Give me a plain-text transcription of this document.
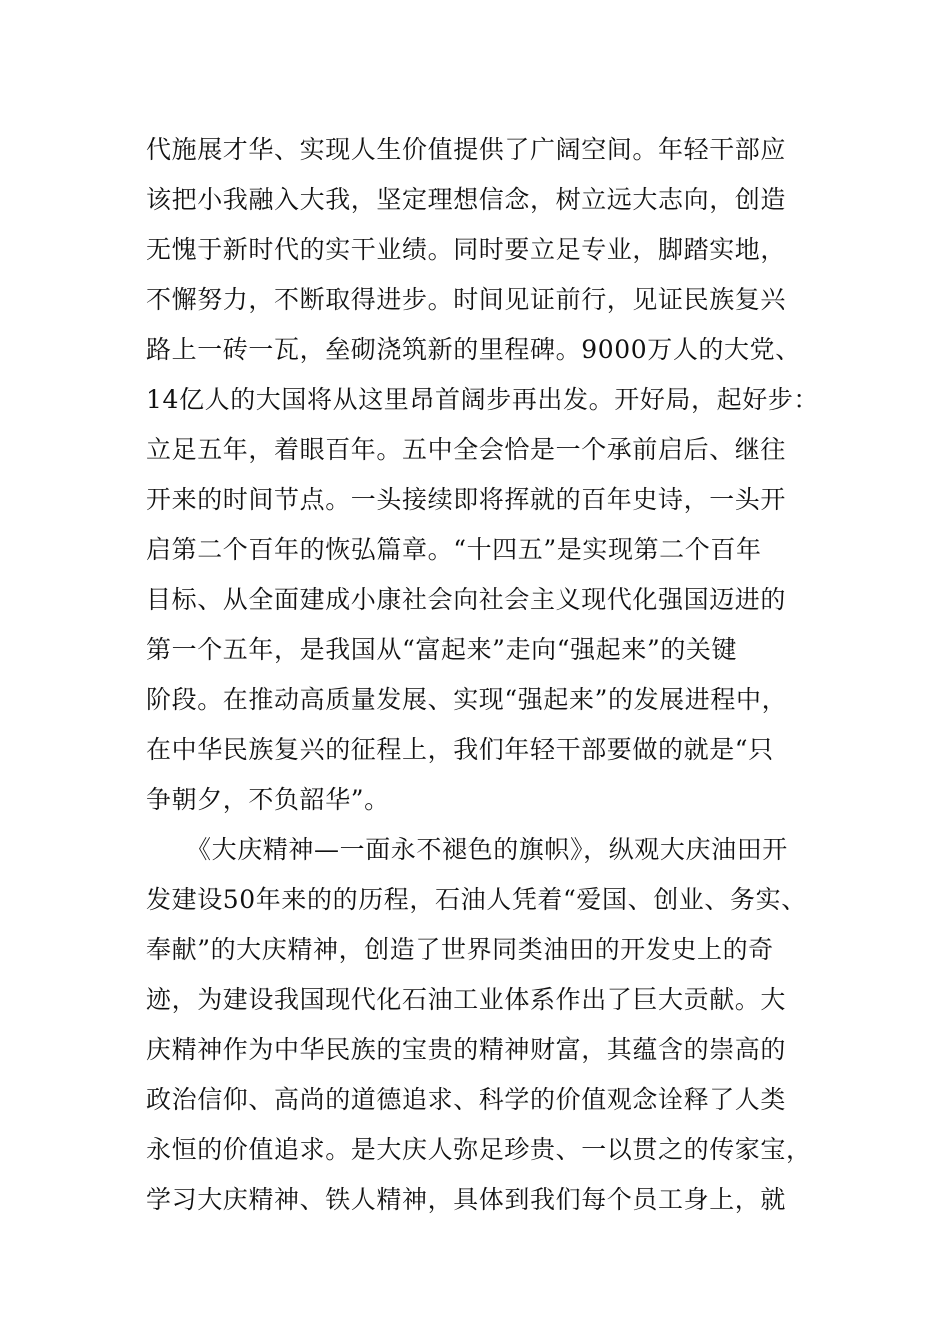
代施展才华、实现人生价值提供了广阔空间。年轻干部应
该把小我融入大我，坚定理想信念，树立远大志向，创造
无愧于新时代的实干业绩。同时要立足专业，脚踏实地，
不懈努力，不断取得进步。时间见证前行，见证民族复兴
路上一砖一瓦，垒砌浇筑新的里程碑。9000万人的大党、
14亿人的大国将从这里昂首阔步再出发。开好局，起好步：
立足五年，着眼百年。五中全会恰是一个承前启后、继往
开来的时间节点。一头接续即将挥就的百年史诗，一头开
启第二个百年的恢弘篇章。“十四五”是实现第二个百年
目标、从全面建成小康社会向社会主义现代化强国迈进的
第一个五年，是我国从“富起来”走向“强起来”的关键
阶段。在推动高质量发展、实现“强起来”的发展进程中，
在中华民族复兴的征程上，我们年轻干部要做的就是“只
争朝夕，不负韶华”。
《大庆精神—一面永不褪色的旗帜》，纵观大庆油田开
发建设50年来的的历程，石油人凭着“爱国、创业、务实、
奉献”的大庆精神，创造了世界同类油田的开发史上的奇
迹，为建设我国现代化石油工业体系作出了巨大贡献。大
庆精神作为中华民族的宝贵的精神财富，其蕴含的崇高的
政治信仰、高尚的道德追求、科学的价值观念诠释了人类
永恒的价值追求。是大庆人弥足珍贵、一以贯之的传家宝，
学习大庆精神、铁人精神，具体到我们每个员工身上，就
